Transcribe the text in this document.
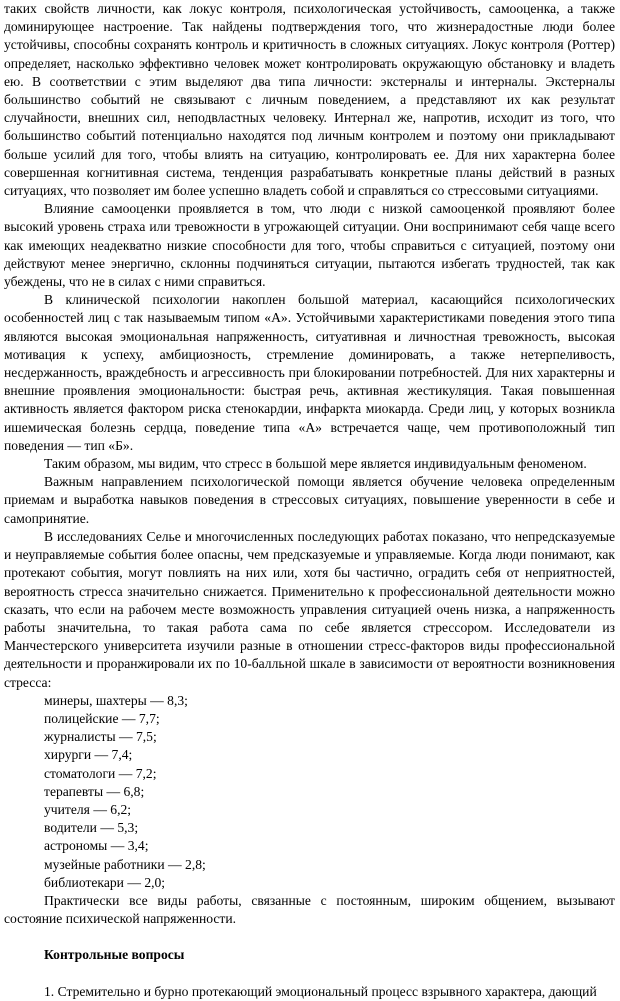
таких свойств личности, как локус контроля, психологическая устойчивость, самооценка, а также доминирующее настроение. Так найдены подтверждения того, что жизнерадостные люди более устойчивы, способны сохранять контроль и критичность в сложных ситуациях. Локус контроля (Роттер) определяет, насколько эффективно человек может контролировать окружающую обстановку и владеть ею. В соответствии с этим выделяют два типа личности: экстерналы и интерналы. Экстерналы большинство событий не связывают с личным поведением, а представляют их как результат случайности, внешних сил, неподвластных человеку. Интернал же, напротив, исходит из того, что большинство событий потенциально находятся под личным контролем и поэтому они прикладывают больше усилий для того, чтобы влиять на ситуацию, контролировать ее. Для них характерна более совершенная когнитивная система, тенденция разрабатывать конкретные планы действий в разных ситуациях, что позволяет им более успешно владеть собой и справляться со стрессовыми ситуациями.

Влияние самооценки проявляется в том, что люди с низкой самооценкой проявляют более высокий уровень страха или тревожности в угрожающей ситуации. Они воспринимают себя чаще всего как имеющих неадекватно низкие способности для того, чтобы справиться с ситуацией, поэтому они действуют менее энергично, склонны подчиняться ситуации, пытаются избегать трудностей, так как убеждены, что не в силах с ними справиться.

В клинической психологии накоплен большой материал, касающийся психологических особенностей лиц с так называемым типом «А». Устойчивыми характеристиками поведения этого типа являются высокая эмоциональная напряженность, ситуативная и личностная тревожность, высокая мотивация к успеху, амбициозность, стремление доминировать, а также нетерпеливость, несдержанность, враждебность и агрессивность при блокировании потребностей. Для них характерны и внешние проявления эмоциональности: быстрая речь, активная жестикуляция. Такая повышенная активность является фактором риска стенокардии, инфаркта миокарда. Среди лиц, у которых возникла ишемическая болезнь сердца, поведение типа «А» встречается чаще, чем противоположный тип поведения — тип «Б».

Таким образом, мы видим, что стресс в большой мере является индивидуальным феноменом.

Важным направлением психологической помощи является обучение человека определенным приемам и выработка навыков поведения в стрессовых ситуациях, повышение уверенности в себе и самопринятие.

В исследованиях Селье и многочисленных последующих работах показано, что непредсказуемые и неуправляемые события более опасны, чем предсказуемые и управляемые. Когда люди понимают, как протекают события, могут повлиять на них или, хотя бы частично, оградить себя от неприятностей, вероятность стресса значительно снижается. Применительно к профессиональной деятельности можно сказать, что если на рабочем месте возможность управления ситуацией очень низка, а напряженность работы значительна, то такая работа сама по себе является стрессором. Исследователи из Манчестерского университета изучили разные в отношении стресс-факторов виды профессиональной деятельности и проранжировали их по 10-балльной шкале в зависимости от вероятности возникновения стресса:

минеры, шахтеры — 8,3;
полицейские — 7,7;
журналисты — 7,5;
хирурги — 7,4;
стоматологи — 7,2;
терапевты — 6,8;
учителя — 6,2;
водители — 5,3;
астрономы — 3,4;
музейные работники — 2,8;
библиотекари — 2,0;

Практически все виды работы, связанные с постоянным, широким общением, вызывают состояние психической напряженности.

Контрольные вопросы

1. Стремительно и бурно протекающий эмоциональный процесс взрывного характера, дающий
